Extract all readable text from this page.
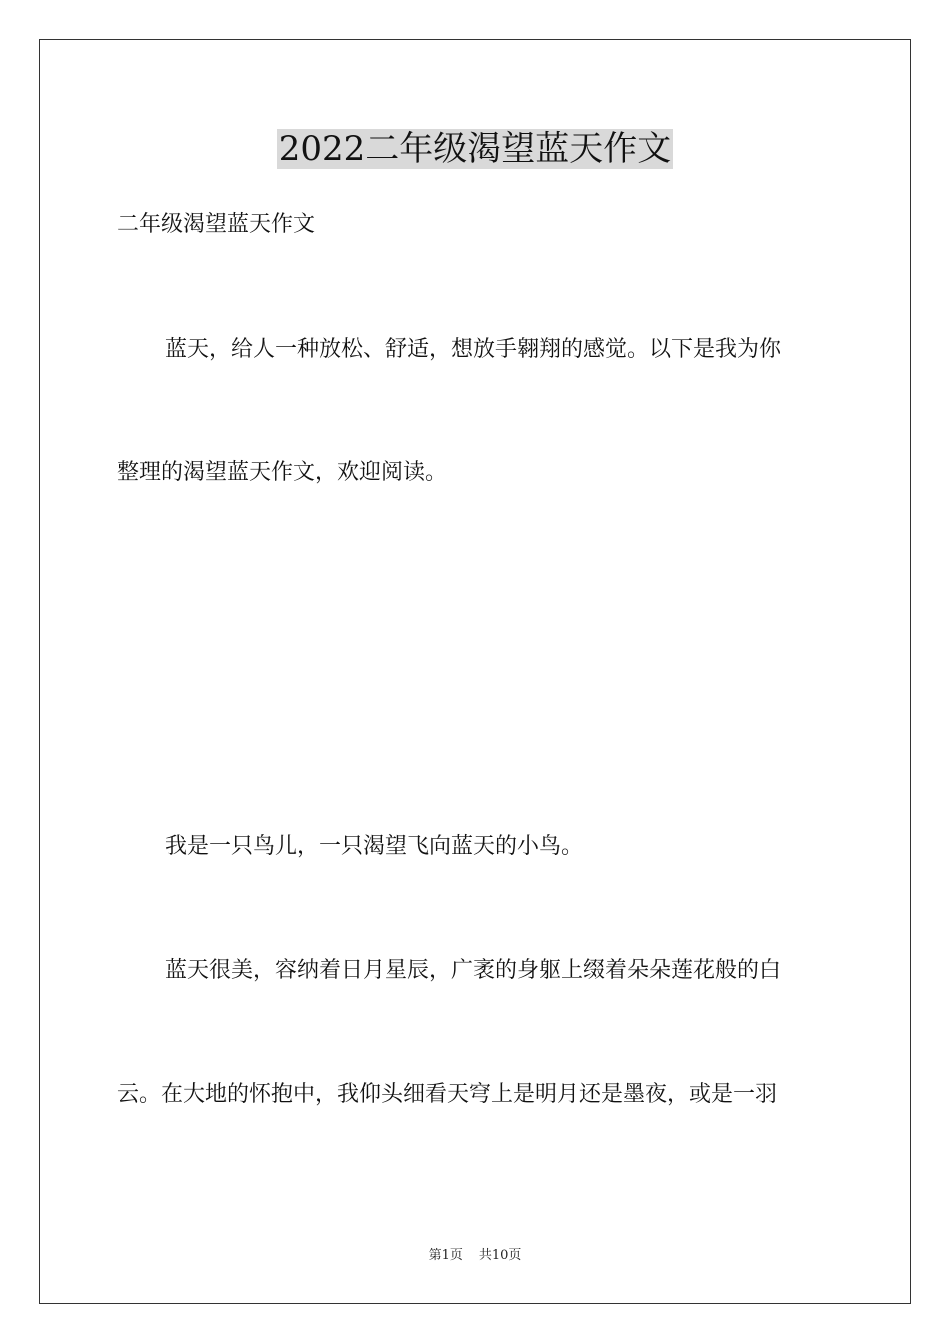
2022二年级渴望蓝天作文

二年级渴望蓝天作文

蓝天，给人一种放松、舒适，想放手翱翔的感觉。以下是我为你

整理的渴望蓝天作文，欢迎阅读。

我是一只鸟儿，一只渴望飞向蓝天的小鸟。

蓝天很美，容纳着日月星辰，广袤的身躯上缀着朵朵莲花般的白

云。在大地的怀抱中，我仰头细看天穹上是明月还是墨夜，或是一羽

第1页 共10页
